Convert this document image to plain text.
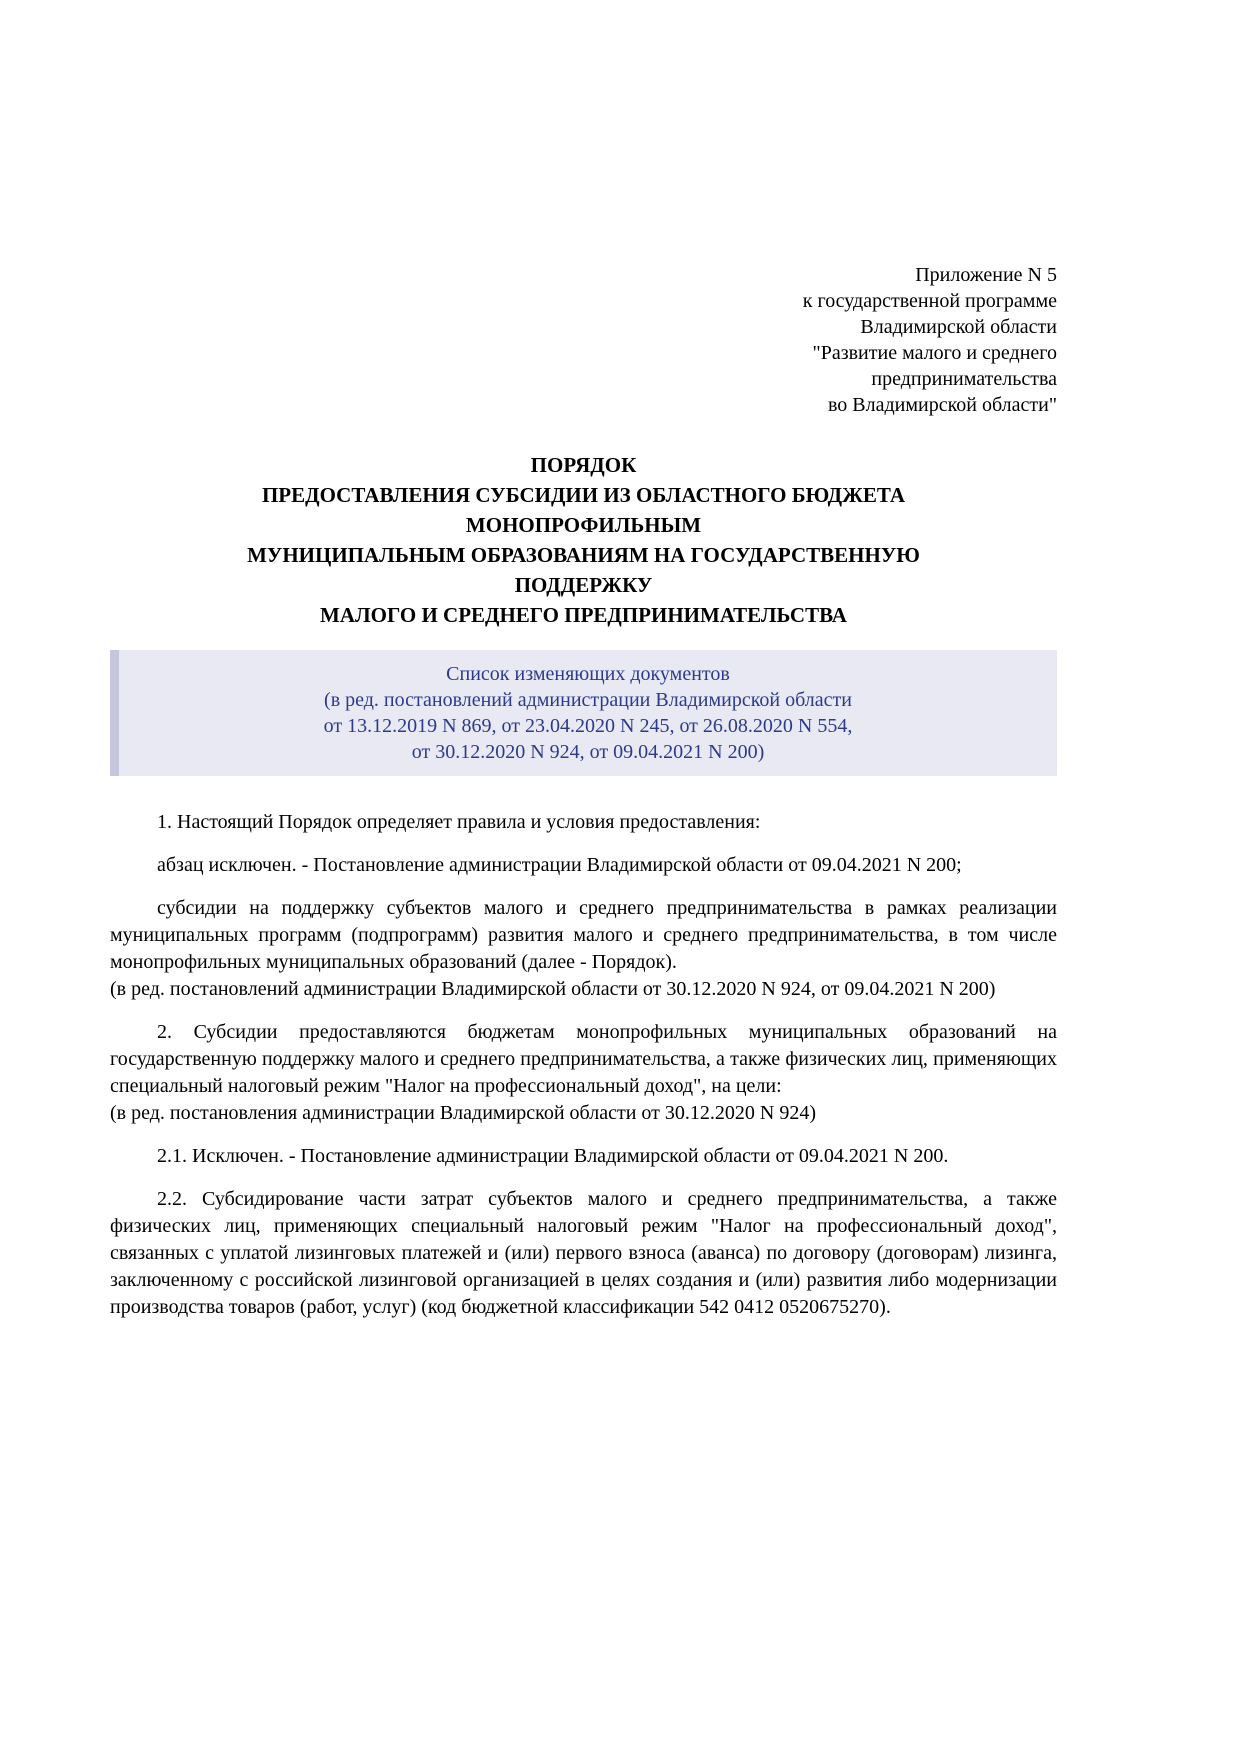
Приложение N 5
к государственной программе
Владимирской области
"Развитие малого и среднего
предпринимательства
во Владимирской области"
ПОРЯДОК
ПРЕДОСТАВЛЕНИЯ СУБСИДИИ ИЗ ОБЛАСТНОГО БЮДЖЕТА
МОНОПРОФИЛЬНЫМ
МУНИЦИПАЛЬНЫМ ОБРАЗОВАНИЯМ НА ГОСУДАРСТВЕННУЮ
ПОДДЕРЖКУ
МАЛОГО И СРЕДНЕГО ПРЕДПРИНИМАТЕЛЬСТВА
Список изменяющих документов
(в ред. постановлений администрации Владимирской области
от 13.12.2019 N 869, от 23.04.2020 N 245, от 26.08.2020 N 554,
от 30.12.2020 N 924, от 09.04.2021 N 200)

1. Настоящий Порядок определяет правила и условия предоставления:

абзац исключен. - Постановление администрации Владимирской области от 09.04.2021 N 200;

субсидии на поддержку субъектов малого и среднего предпринимательства в рамках реализации муниципальных программ (подпрограмм) развития малого и среднего предпринимательства, в том числе монопрофильных муниципальных образований (далее - Порядок).

(в ред. постановлений администрации Владимирской области от 30.12.2020 N 924, от 09.04.2021 N 200)

2. Субсидии предоставляются бюджетам монопрофильных муниципальных образований на государственную поддержку малого и среднего предпринимательства, а также физических лиц, применяющих специальный налоговый режим "Налог на профессиональный доход", на цели:

(в ред. постановления администрации Владимирской области от 30.12.2020 N 924)

2.1. Исключен. - Постановление администрации Владимирской области от 09.04.2021 N 200.

2.2. Субсидирование части затрат субъектов малого и среднего предпринимательства, а также физических лиц, применяющих специальный налоговый режим "Налог на профессиональный доход", связанных с уплатой лизинговых платежей и (или) первого взноса (аванса) по договору (договорам) лизинга, заключенному с российской лизинговой организацией в целях создания и (или) развития либо модернизации производства товаров (работ, услуг) (код бюджетной классификации 542 0412 0520675270).
